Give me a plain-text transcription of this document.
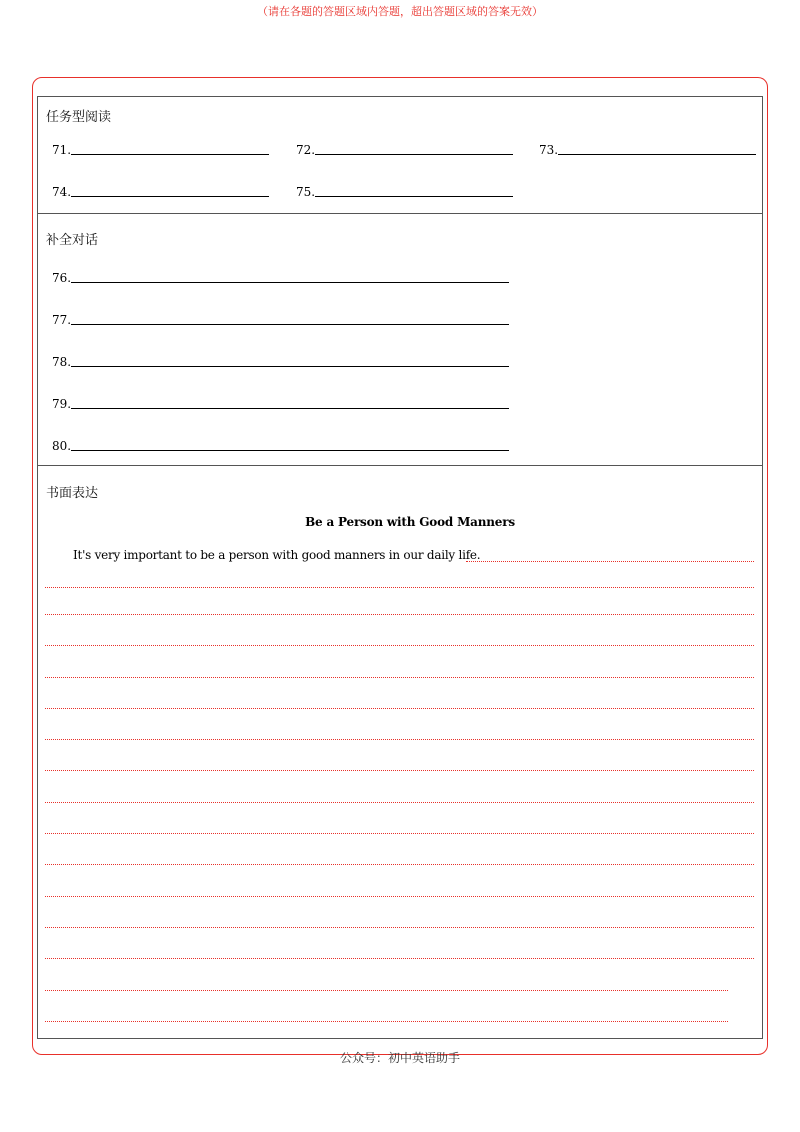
（请在各题的答题区域内答题，超出答题区域的答案无效）
任务型阅读
71.	72.	73.
74.	75.
补全对话
76.
77.
78.
79.
80.
书面表达
Be a Person with Good Manners
It's very important to be a person with good manners in our daily life.
公众号：初中英语助手
